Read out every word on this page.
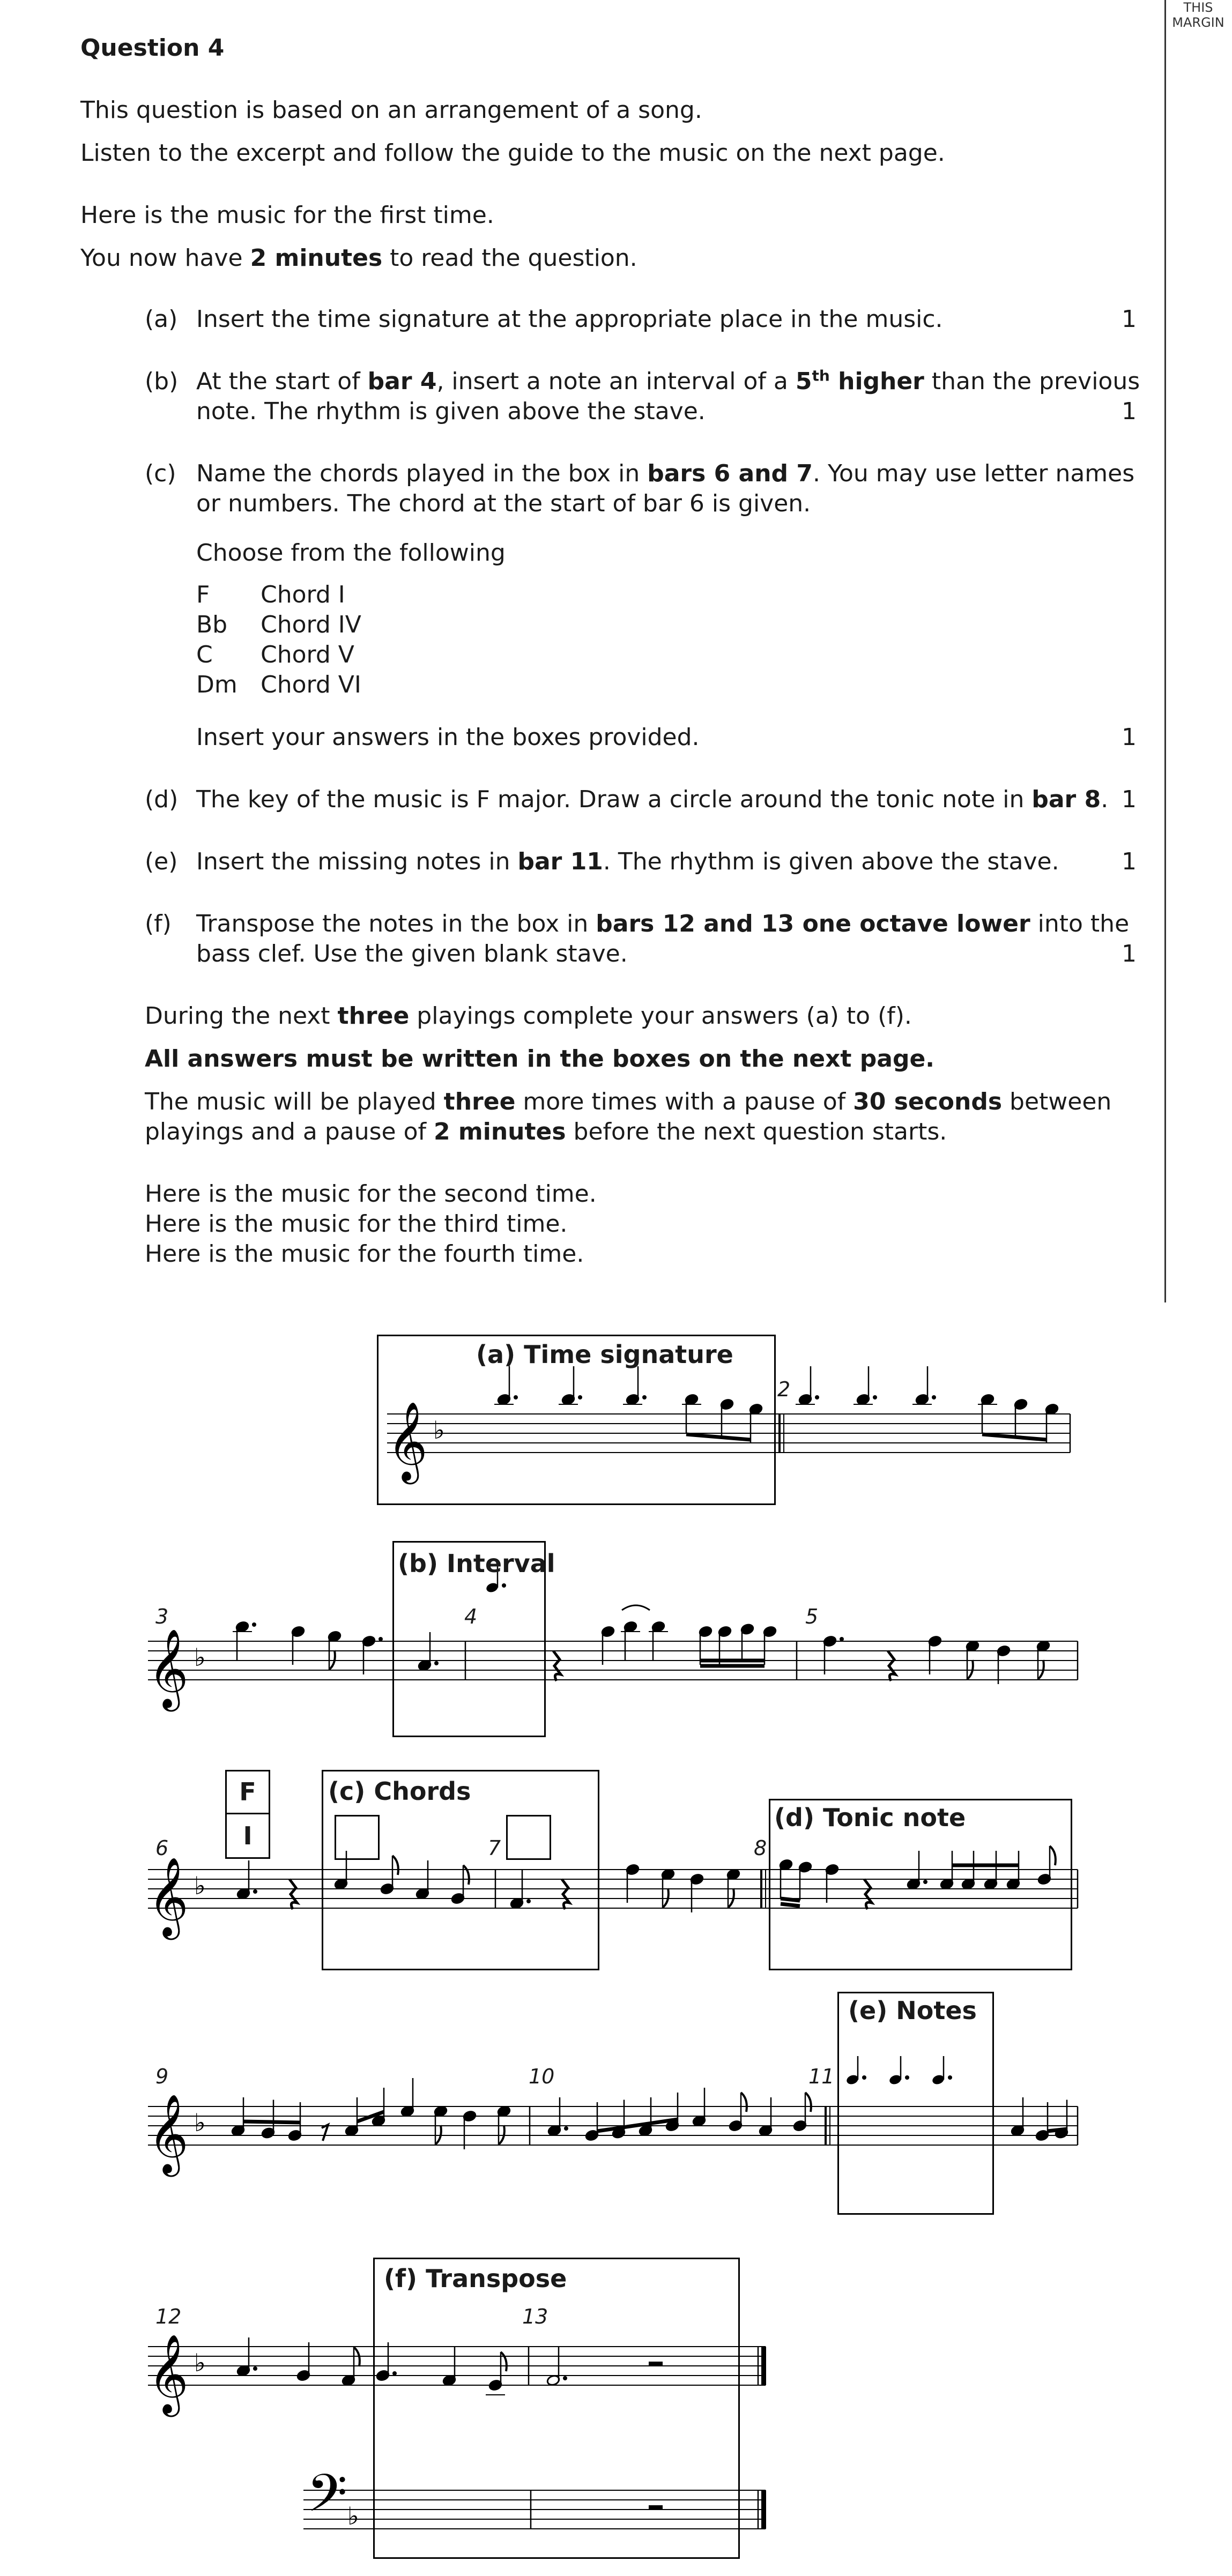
THIS
MARGIN
Question 4
This question is based on an arrangement of a song.
Listen to the excerpt and follow the guide to the music on the next page.
Here is the music for the first time.
You now have 2 minutes to read the question.
(a) Insert the time signature at the appropriate place in the music.	1
(b) At the start of bar 4, insert a note an interval of a 5th higher than the previous
note. The rhythm is given above the stave.	1
(c) Name the chords played in the box in bars 6 and 7. You may use letter names
or numbers. The chord at the start of bar 6 is given.
Choose from the following
F Chord I
Bb Chord IV
C Chord V
Dm Chord VI
Insert your answers in the boxes provided.	1
(d) The key of the music is F major. Draw a circle around the tonic note in bar 8. 1
(e) Insert the missing notes in bar 11. The rhythm is given above the stave.	1
(f) Transpose the notes in the box in bars 12 and 13 one octave lower into the
bass clef. Use the given blank stave.	1
During the next three playings complete your answers (a) to (f).
All answers must be written in the boxes on the next page.
The music will be played three more times with a pause of 30 seconds between
playings and a pause of 2 minutes before the next question starts.
Here is the music for the second time.
Here is the music for the third time.
Here is the music for the fourth time.
𝄞 ♭
𝄞 ♭
𝄞 ♭
𝄞 ♭
𝄞 ♭
𝄢 ♭
(a) Time signature
(b) Interval
(c) Chords
F
I
(d) Tonic note
(e) Notes
(f) Transpose
2
3	4	5
6	7	8
9	10	11
12	13
